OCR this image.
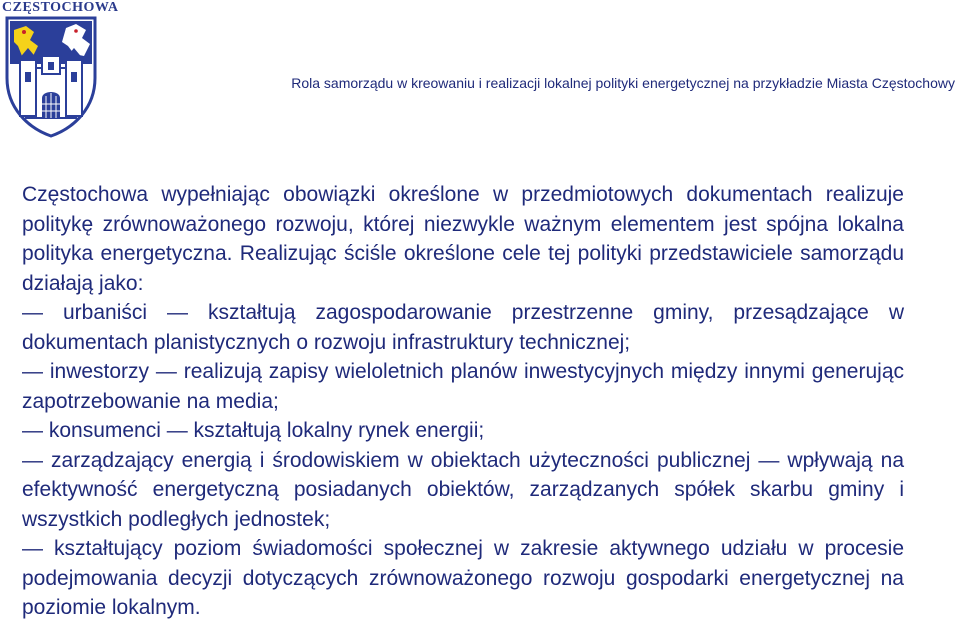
CZĘSTOCHOWA
Rola samorządu w kreowaniu i realizacji lokalnej polityki energetycznej na przykładzie Miasta Częstochowy

Częstochowa wypełniając obowiązki określone w przedmiotowych dokumentach realizuje politykę zrównoważonego rozwoju, której niezwykle ważnym elementem jest spójna lokalna polityka energetyczna. Realizując ściśle określone cele tej polityki przedstawiciele samorządu działają jako:

— urbaniści — kształtują zagospodarowanie przestrzenne gminy, przesądzające w dokumentach planistycznych o rozwoju infrastruktury technicznej;

— inwestorzy — realizują zapisy wieloletnich planów inwestycyjnych między innymi generując zapotrzebowanie na media;

— konsumenci — kształtują lokalny rynek energii;

— zarządzający energią i środowiskiem w obiektach użyteczności publicznej — wpływają na efektywność energetyczną posiadanych obiektów, zarządzanych spółek skarbu gminy i wszystkich podległych jednostek;

— kształtujący poziom świadomości społecznej w zakresie aktywnego udziału w procesie podejmowania decyzji dotyczących zrównoważonego rozwoju gospodarki energetycznej na poziomie lokalnym.
